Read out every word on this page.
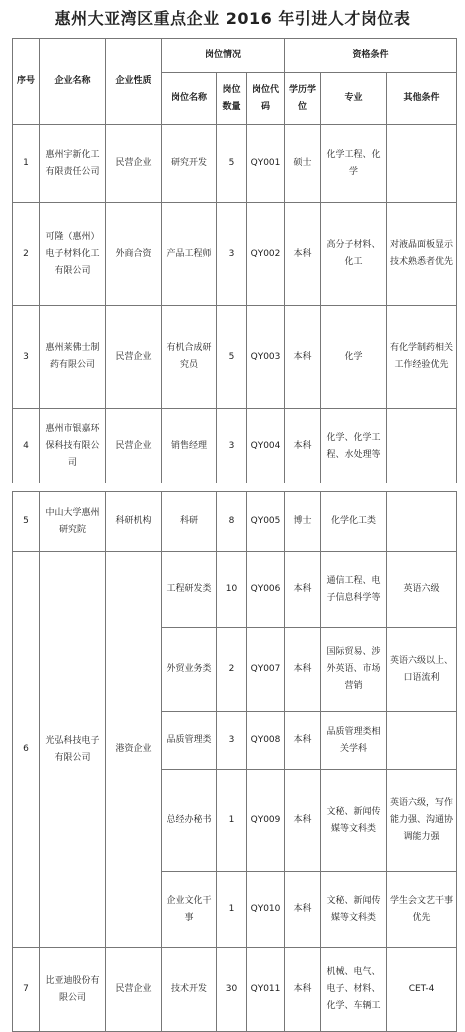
惠州大亚湾区重点企业 2016 年引进人才岗位表
序号	企业名称	企业性质	岗位情况			资格条件		
			岗位名称	岗位数量	岗位代码	学历学位	专业	其他条件
1	惠州宇新化工有限责任公司	民营企业	研究开发	5	QY001	硕士	化学工程、化学	
2	可隆（惠州）电子材料化工有限公司	外商合资	产品工程师	3	QY002	本科	高分子材料、化工	对液晶面板显示技术熟悉者优先
3	惠州莱佛士制药有限公司	民营企业	有机合成研究员	5	QY003	本科	化学	有化学制药相关工作经验优先
4	惠州市银嘉环保科技有限公司	民营企业	销售经理	3	QY004	本科	化学、化学工程、水处理等	
5	中山大学惠州研究院	科研机构	科研	8	QY005	博士	化学化工类	
6	光弘科技电子有限公司	港资企业	工程研发类	10	QY006	本科	通信工程、电子信息科学等	英语六级
			外贸业务类	2	QY007	本科	国际贸易、涉外英语、市场营销	英语六级以上、口语流利
			品质管理类	3	QY008	本科	品质管理类相关学科	
			总经办秘书	1	QY009	本科	文秘、新闻传媒等文科类	英语六级，写作能力强、沟通协调能力强
			企业文化干事	1	QY010	本科	文秘、新闻传媒等文科类	学生会文艺干事优先
7	比亚迪股份有限公司	民营企业	技术开发	30	QY011	本科	机械、电气、电子、材料、化学、车辆工	CET-4
